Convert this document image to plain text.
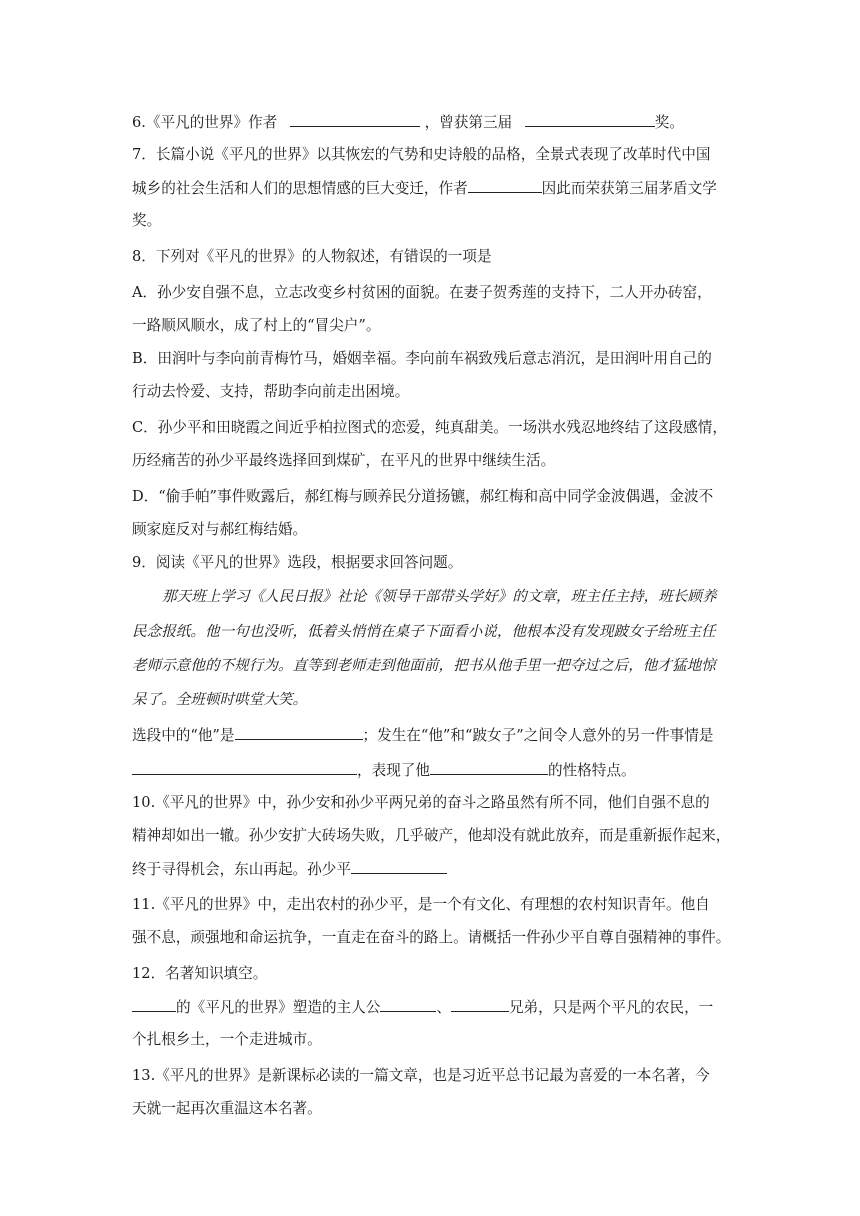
6.《平凡的世界》作者	，曾获第三届	奖。
7．长篇小说《平凡的世界》以其恢宏的气势和史诗般的品格，全景式表现了改革时代中国
城乡的社会生活和人们的思想情感的巨大变迁，作者	因此而荣获第三届茅盾文学
奖。
8．下列对《平凡的世界》的人物叙述，有错误的一项是
A．孙少安自强不息，立志改变乡村贫困的面貌。在妻子贺秀莲的支持下，二人开办砖窑，
一路顺风顺水，成了村上的“冒尖户”。
B．田润叶与李向前青梅竹马，婚姻幸福。李向前车祸致残后意志消沉，是田润叶用自己的
行动去怜爱、支持，帮助李向前走出困境。
C．孙少平和田晓霞之间近乎柏拉图式的恋爱，纯真甜美。一场洪水残忍地终结了这段感情，
历经痛苦的孙少平最终选择回到煤矿，在平凡的世界中继续生活。
D．“偷手帕”事件败露后，郝红梅与顾养民分道扬镳，郝红梅和高中同学金波偶遇，金波不
顾家庭反对与郝红梅结婚。
9．阅读《平凡的世界》选段，根据要求回答问题。
那天班上学习《人民日报》社论《领导干部带头学好》的文章，班主任主持，班长顾养
民念报纸。他一句也没听，低着头悄悄在桌子下面看小说，他根本没有发现跛女子给班主任
老师示意他的不规行为。直等到老师走到他面前，把书从他手里一把夺过之后，他才猛地惊
呆了。全班顿时哄堂大笑。
选段中的“他”是	；发生在“他”和“跛女子”之间令人意外的另一件事情是
，表现了他	的性格特点。
10.《平凡的世界》中，孙少安和孙少平两兄弟的奋斗之路虽然有所不同，他们自强不息的
精神却如出一辙。孙少安扩大砖场失败，几乎破产，他却没有就此放弃，而是重新振作起来，
终于寻得机会，东山再起。孙少平
11.《平凡的世界》中，走出农村的孙少平，是一个有文化、有理想的农村知识青年。他自
强不息，顽强地和命运抗争，一直走在奋斗的路上。请概括一件孙少平自尊自强精神的事件。
12．名著知识填空。
的《平凡的世界》塑造的主人公	、	兄弟，只是两个平凡的农民，一
个扎根乡土，一个走进城市。
13.《平凡的世界》是新课标必读的一篇文章，也是习近平总书记最为喜爱的一本名著，今
天就一起再次重温这本名著。
